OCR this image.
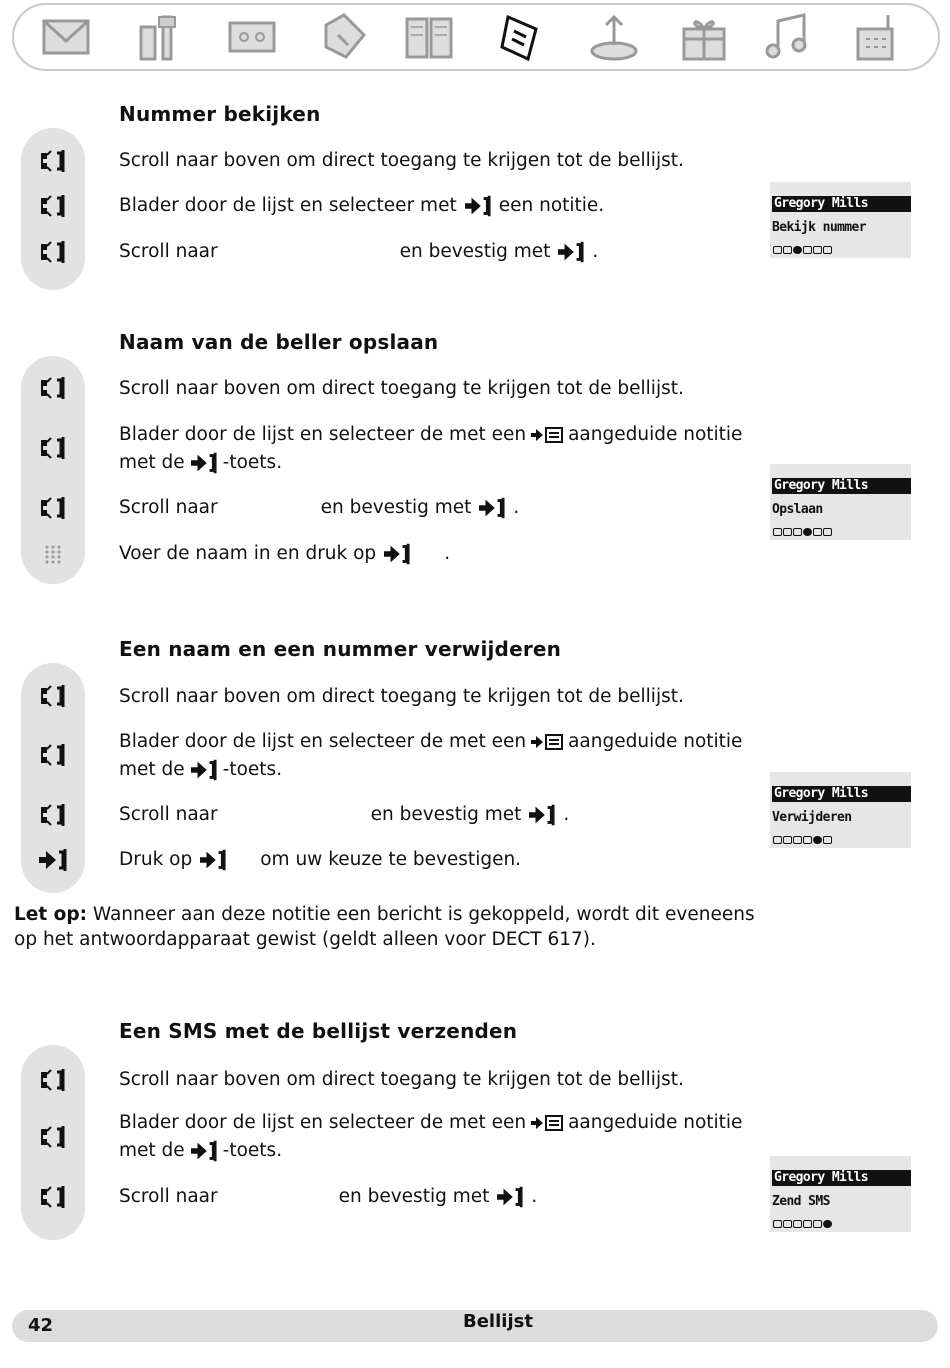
Nummer bekijken
Scroll naar boven om direct toegang te krijgen tot de bellijst.
Blader door de lijst en selecteer met een notitie.
Scroll naar	en bevestig met .
Gregory Mills
Bekijk nummer
Naam van de beller opslaan
Scroll naar boven om direct toegang te krijgen tot de bellijst.
Blader door de lijst en selecteer de met een aangeduide notitie
met de -toets.
Scroll naar	en bevestig met .
Voer de naam in en druk op	.
Gregory Mills
Opslaan
Een naam en een nummer verwijderen
Scroll naar boven om direct toegang te krijgen tot de bellijst.
Blader door de lijst en selecteer de met een aangeduide notitie
met de -toets.
Scroll naar	en bevestig met .
Druk op	om uw keuze te bevestigen.
Gregory Mills
Verwijderen
Let op: Wanneer aan deze notitie een bericht is gekoppeld, wordt dit eveneens op het antwoordapparaat gewist (geldt alleen voor DECT 617).
Een SMS met de bellijst verzenden
Scroll naar boven om direct toegang te krijgen tot de bellijst.
Blader door de lijst en selecteer de met een aangeduide notitie
met de -toets.
Scroll naar	en bevestig met .
Gregory Mills
Zend SMS
42	Bellijst
